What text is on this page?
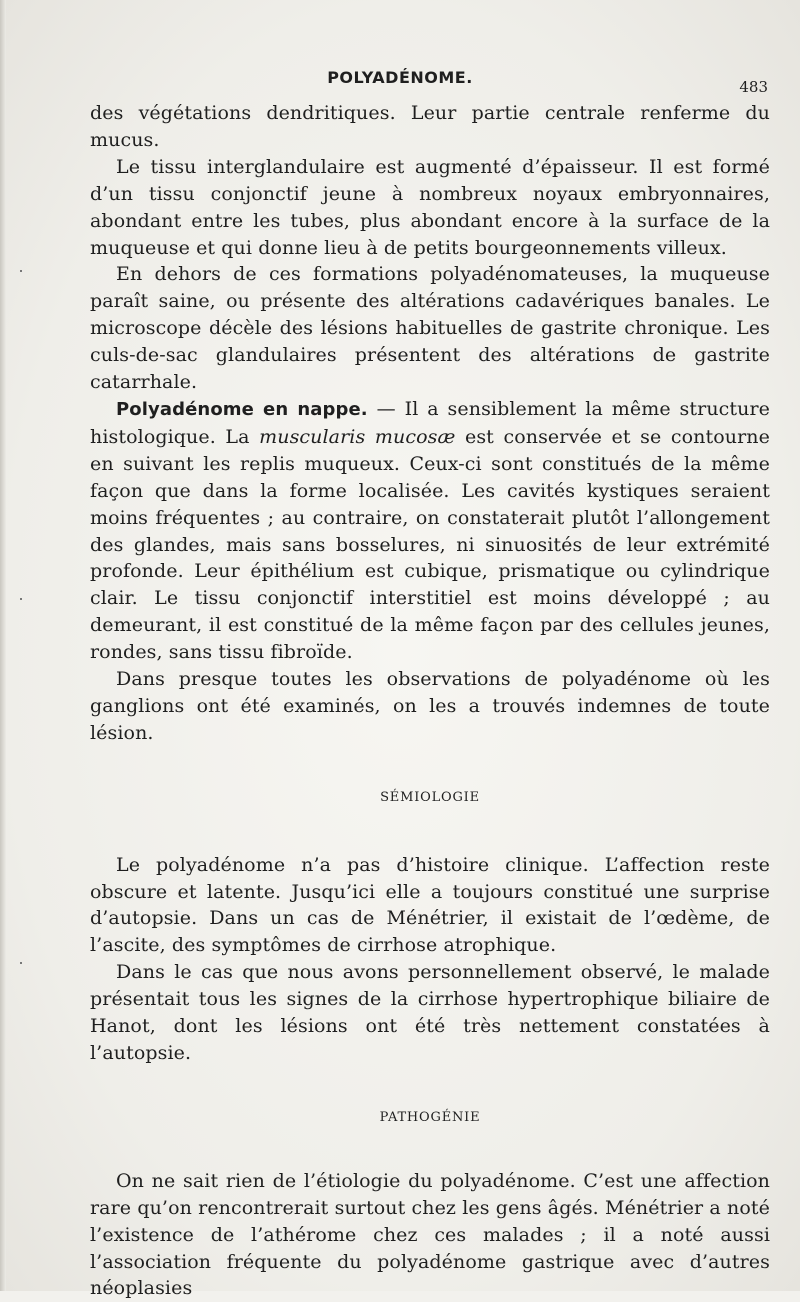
POLYADÉNOME.	483

des végétations dendritiques. Leur partie centrale renferme du mucus.

Le tissu interglandulaire est augmenté d’épaisseur. Il est formé d’un tissu conjonctif jeune à nombreux noyaux embryonnaires, abondant entre les tubes, plus abondant encore à la surface de la muqueuse et qui donne lieu à de petits bourgeonnements villeux.

En dehors de ces formations polyadénomateuses, la muqueuse paraît saine, ou présente des altérations cadavériques banales. Le microscope décèle des lésions habituelles de gastrite chronique. Les culs-de-sac glandulaires présentent des altérations de gastrite catarrhale.

Polyadénome en nappe. — Il a sensiblement la même structure histologique. La muscularis mucosæ est conservée et se contourne en suivant les replis muqueux. Ceux-ci sont constitués de la même façon que dans la forme localisée. Les cavités kystiques seraient moins fréquentes ; au contraire, on constaterait plutôt l’allongement des glandes, mais sans bosselures, ni sinuosités de leur extrémité profonde. Leur épithélium est cubique, prismatique ou cylindrique clair. Le tissu conjonctif interstitiel est moins développé ; au demeurant, il est constitué de la même façon par des cellules jeunes, rondes, sans tissu fibroïde.

Dans presque toutes les observations de polyadénome où les ganglions ont été examinés, on les a trouvés indemnes de toute lésion.

SÉMIOLOGIE

Le polyadénome n’a pas d’histoire clinique. L’affection reste obscure et latente. Jusqu’ici elle a toujours constitué une surprise d’autopsie. Dans un cas de Ménétrier, il existait de l’œdème, de l’ascite, des symptômes de cirrhose atrophique.

Dans le cas que nous avons personnellement observé, le malade présentait tous les signes de la cirrhose hypertrophique biliaire de Hanot, dont les lésions ont été très nettement constatées à l’autopsie.

PATHOGÉNIE

On ne sait rien de l’étiologie du polyadénome. C’est une affection rare qu’on rencontrerait surtout chez les gens âgés. Ménétrier a noté l’existence de l’athérome chez ces malades ; il a noté aussi l’association fréquente du polyadénome gastrique avec d’autres néoplasies
